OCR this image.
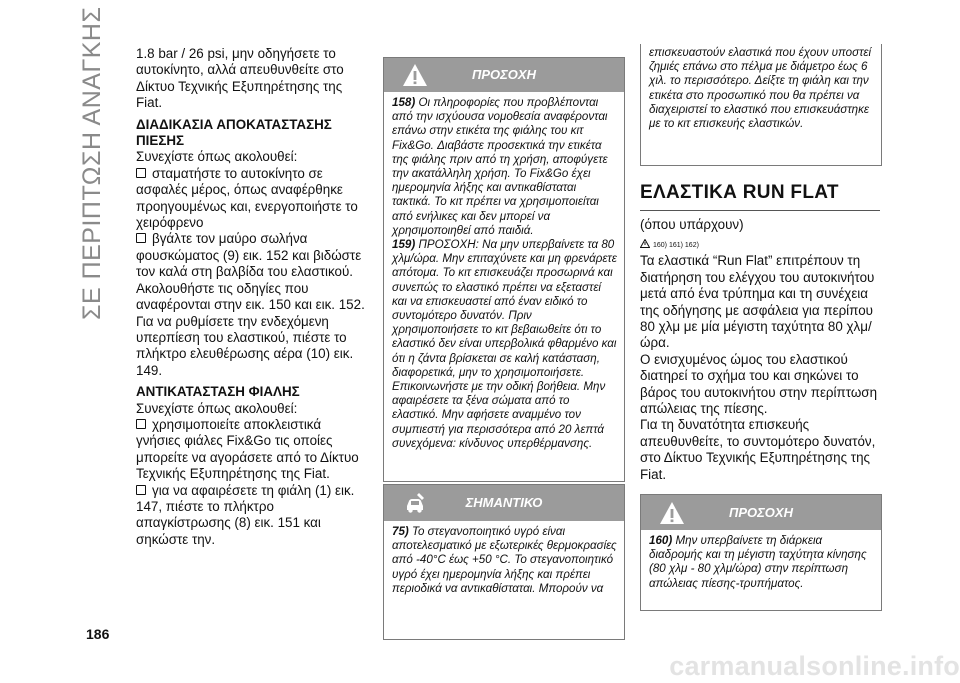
ΣΕ ΠΕΡΙΠΤΩΣΗ ΑΝΑΓΚΗΣ
186

1.8 bar / 26 psi, μην οδηγήσετε το αυτοκίνητο, αλλά απευθυνθείτε στο Δίκτυο Τεχνικής Εξυπηρέτησης της Fiat.

ΔΙΑΔΙΚΑΣΙΑ ΑΠΟΚΑΤΑΣΤΑΣΗΣ ΠΙΕΣΗΣ

Συνεχίστε όπως ακολουθεί:

σταματήστε το αυτοκίνητο σε ασφαλές μέρος, όπως αναφέρθηκε προηγουμένως και, ενεργοποιήστε το χειρόφρενο

βγάλτε τον μαύρο σωλήνα φουσκώματος (9) εικ. 152 και βιδώστε τον καλά στη βαλβίδα του ελαστικού. Ακολουθήστε τις οδηγίες που αναφέρονται στην εικ. 150 και εικ. 152.

Για να ρυθμίσετε την ενδεχόμενη υπερπίεση του ελαστικού, πιέστε το πλήκτρο ελευθέρωσης αέρα (10) εικ. 149.

ΑΝΤΙΚΑΤΑΣΤΑΣΗ ΦΙΑΛΗΣ

Συνεχίστε όπως ακολουθεί:

χρησιμοποιείτε αποκλειστικά γνήσιες φιάλες Fix&Go τις οποίες μπορείτε να αγοράσετε από το Δίκτυο Τεχνικής Εξυπηρέτησης της Fiat.

για να αφαιρέσετε τη φιάλη (1) εικ. 147, πιέστε το πλήκτρο απαγκίστρωσης (8) εικ. 151 και σηκώστε την.

ΠΡΟΣΟΧΗ

158) Οι πληροφορίες που προβλέπονται από την ισχύουσα νομοθεσία αναφέρονται επάνω στην ετικέτα της φιάλης του κιτ Fix&Go. Διαβάστε προσεκτικά την ετικέτα της φιάλης πριν από τη χρήση, αποφύγετε την ακατάλληλη χρήση. Το Fix&Go έχει ημερομηνία λήξης και αντικαθίσταται τακτικά. Το κιτ πρέπει να χρησιμοποιείται από ενήλικες και δεν μπορεί να χρησιμοποιηθεί από παιδιά.

159) ΠΡΟΣΟΧΗ: Να μην υπερβαίνετε τα 80 χλμ/ώρα. Μην επιταχύνετε και μη φρενάρετε απότομα. Το κιτ επισκευάζει προσωρινά και συνεπώς το ελαστικό πρέπει να εξεταστεί και να επισκευαστεί από έναν ειδικό το συντομότερο δυνατόν. Πριν χρησιμοποιήσετε το κιτ βεβαιωθείτε ότι το ελαστικό δεν είναι υπερβολικά φθαρμένο και ότι η ζάντα βρίσκεται σε καλή κατάσταση, διαφορετικά, μην το χρησιμοποιήσετε. Επικοινωνήστε με την οδική βοήθεια. Μην αφαιρέσετε τα ξένα σώματα από το ελαστικό. Μην αφήσετε αναμμένο τον συμπιεστή για περισσότερα από 20 λεπτά συνεχόμενα: κίνδυνος υπερθέρμανσης.

ΣΗΜΑΝΤΙΚΟ

75) Το στεγανοποιητικό υγρό είναι αποτελεσματικό με εξωτερικές θερμοκρασίες από -40°C έως +50 °C. Το στεγανοποιητικό υγρό έχει ημερομηνία λήξης και πρέπει περιοδικά να αντικαθίσταται. Μπορούν να

επισκευαστούν ελαστικά που έχουν υποστεί ζημιές επάνω στο πέλμα με διάμετρο έως 6 χιλ. το περισσότερο. Δείξτε τη φιάλη και την ετικέτα στο προσωπικό που θα πρέπει να διαχειριστεί το ελαστικό που επισκευάστηκε με το κιτ επισκευής ελαστικών.

ΕΛΑΣΤΙΚΑ RUN FLAT

(όπου υπάρχουν)

160) 161) 162)

Τα ελαστικά “Run Flat” επιτρέπουν τη διατήρηση του ελέγχου του αυτοκινήτου μετά από ένα τρύπημα και τη συνέχεια της οδήγησης με ασφάλεια για περίπου 80 χλμ με μία μέγιστη ταχύτητα 80 χλμ/ώρα.

Ο ενισχυμένος ώμος του ελαστικού διατηρεί το σχήμα του και σηκώνει το βάρος του αυτοκινήτου στην περίπτωση απώλειας της πίεσης.

Για τη δυνατότητα επισκευής απευθυνθείτε, το συντομότερο δυνατόν, στο Δίκτυο Τεχνικής Εξυπηρέτησης της Fiat.

ΠΡΟΣΟΧΗ

160) Μην υπερβαίνετε τη διάρκεια διαδρομής και τη μέγιστη ταχύτητα κίνησης (80 χλμ - 80 χλμ/ώρα) στην περίπτωση απώλειας πίεσης-τρυπήματος.

carmanualsonline.info
